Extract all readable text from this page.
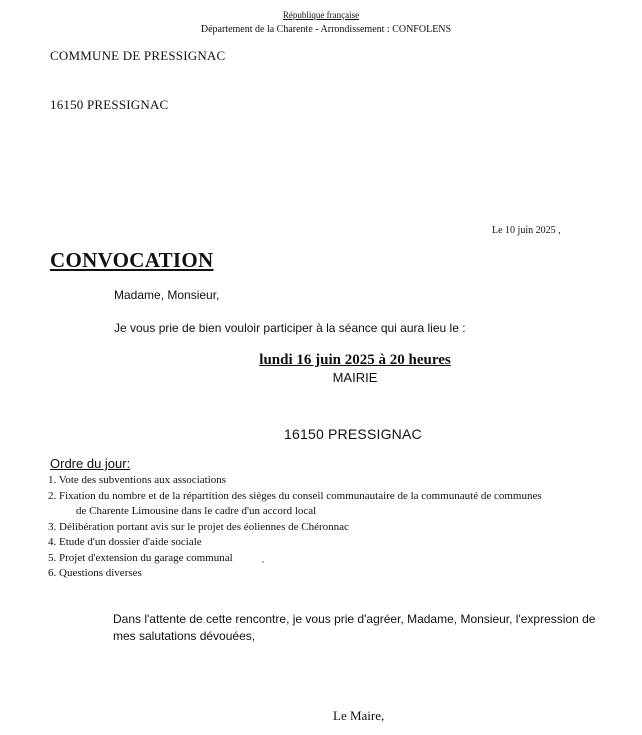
République française
Département de la Charente - Arrondissement : CONFOLENS
COMMUNE DE PRESSIGNAC
16150 PRESSIGNAC
Le 10 juin 2025 ,
CONVOCATION
Madame, Monsieur,
Je vous prie de bien vouloir participer à la séance qui aura lieu le :
lundi 16 juin 2025 à 20 heures
MAIRIE
16150 PRESSIGNAC
Ordre du jour:
1. Vote des subventions aux associations
2. Fixation du nombre et de la répartition des sièges du conseil communautaire de la communauté de communes
de Charente Limousine dans le cadre d'un accord local
3. Délibération portant avis sur le projet des éoliennes de Chéronnac
4. Etude d'un dossier d'aide sociale
5. Projet d'extension du garage communal
6. Questions diverses
Dans l'attente de cette rencontre, je vous prie d'agréer, Madame, Monsieur, l'expression de mes salutations dévouées,
Le Maire,
